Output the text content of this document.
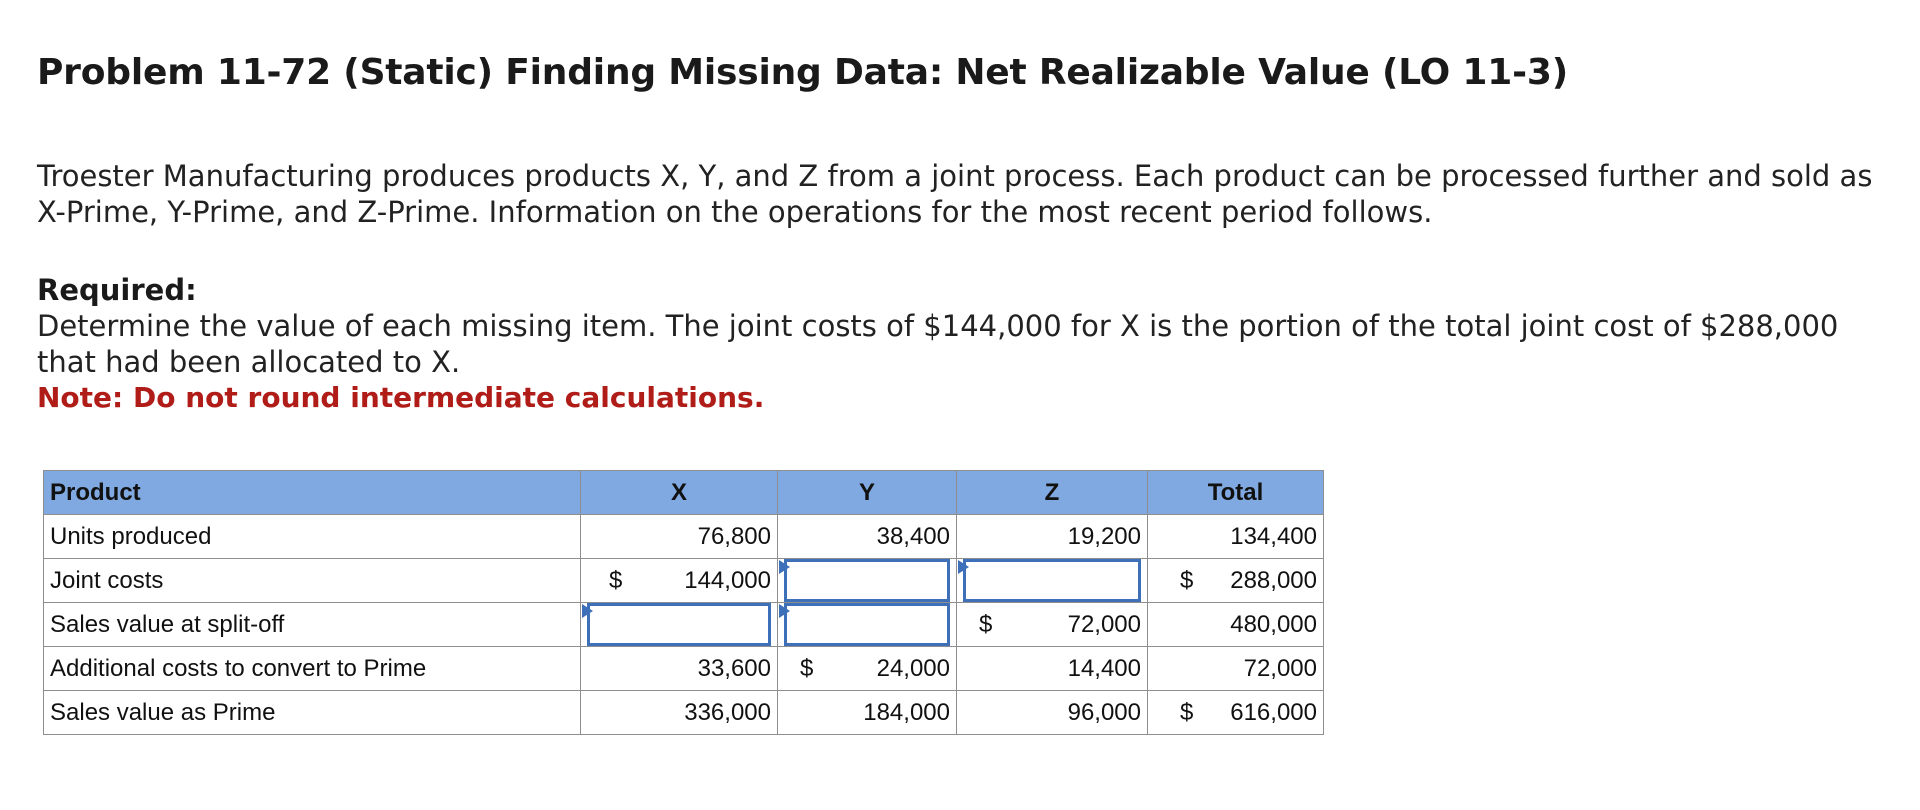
Problem 11-72 (Static) Finding Missing Data: Net Realizable Value (LO 11-3)

Troester Manufacturing produces products X, Y, and Z from a joint process. Each product can be processed further and sold as X-Prime, Y-Prime, and Z-Prime. Information on the operations for the most recent period follows.

Required:
Determine the value of each missing item. The joint costs of $144,000 for X is the portion of the total joint cost of $288,000 that had been allocated to X.
Note: Do not round intermediate calculations.
Product	X	Y	Z	Total
Units produced	76,800	38,400	19,200	134,400
Joint costs	$ 144,000			$ 288,000
Sales value at split-off			$ 72,000	480,000
Additional costs to convert to Prime	33,600	$ 24,000	14,400	72,000
Sales value as Prime	336,000	184,000	96,000	$ 616,000
